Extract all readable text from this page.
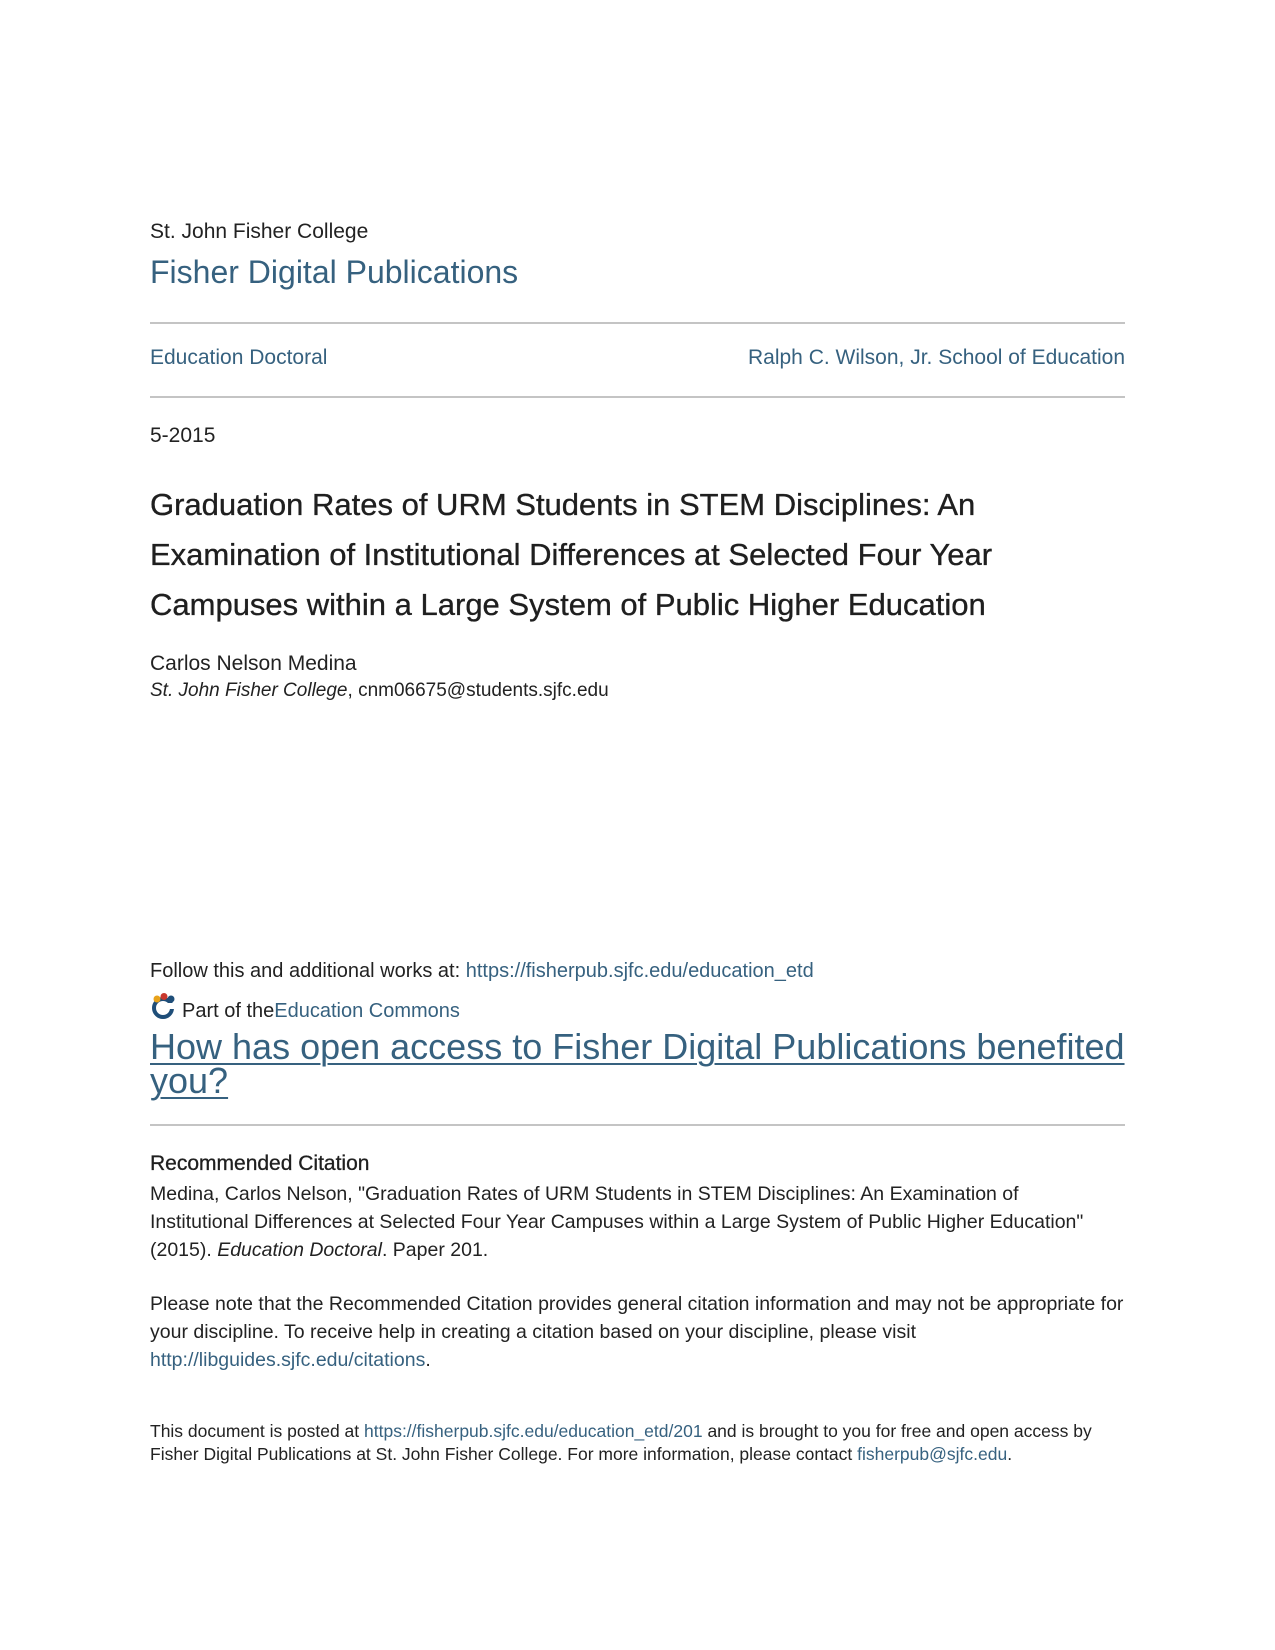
St. John Fisher College
Fisher Digital Publications
Education Doctoral	Ralph C. Wilson, Jr. School of Education
5-2015
Graduation Rates of URM Students in STEM Disciplines: An Examination of Institutional Differences at Selected Four Year Campuses within a Large System of Public Higher Education
Carlos Nelson Medina
St. John Fisher College, cnm06675@students.sjfc.edu
Follow this and additional works at: https://fisherpub.sjfc.edu/education_etd
Part of the Education Commons
How has open access to Fisher Digital Publications benefited you?
Recommended Citation
Medina, Carlos Nelson, "Graduation Rates of URM Students in STEM Disciplines: An Examination of Institutional Differences at Selected Four Year Campuses within a Large System of Public Higher Education" (2015). Education Doctoral. Paper 201.
Please note that the Recommended Citation provides general citation information and may not be appropriate for your discipline. To receive help in creating a citation based on your discipline, please visit http://libguides.sjfc.edu/citations.
This document is posted at https://fisherpub.sjfc.edu/education_etd/201 and is brought to you for free and open access by Fisher Digital Publications at St. John Fisher College. For more information, please contact fisherpub@sjfc.edu.
